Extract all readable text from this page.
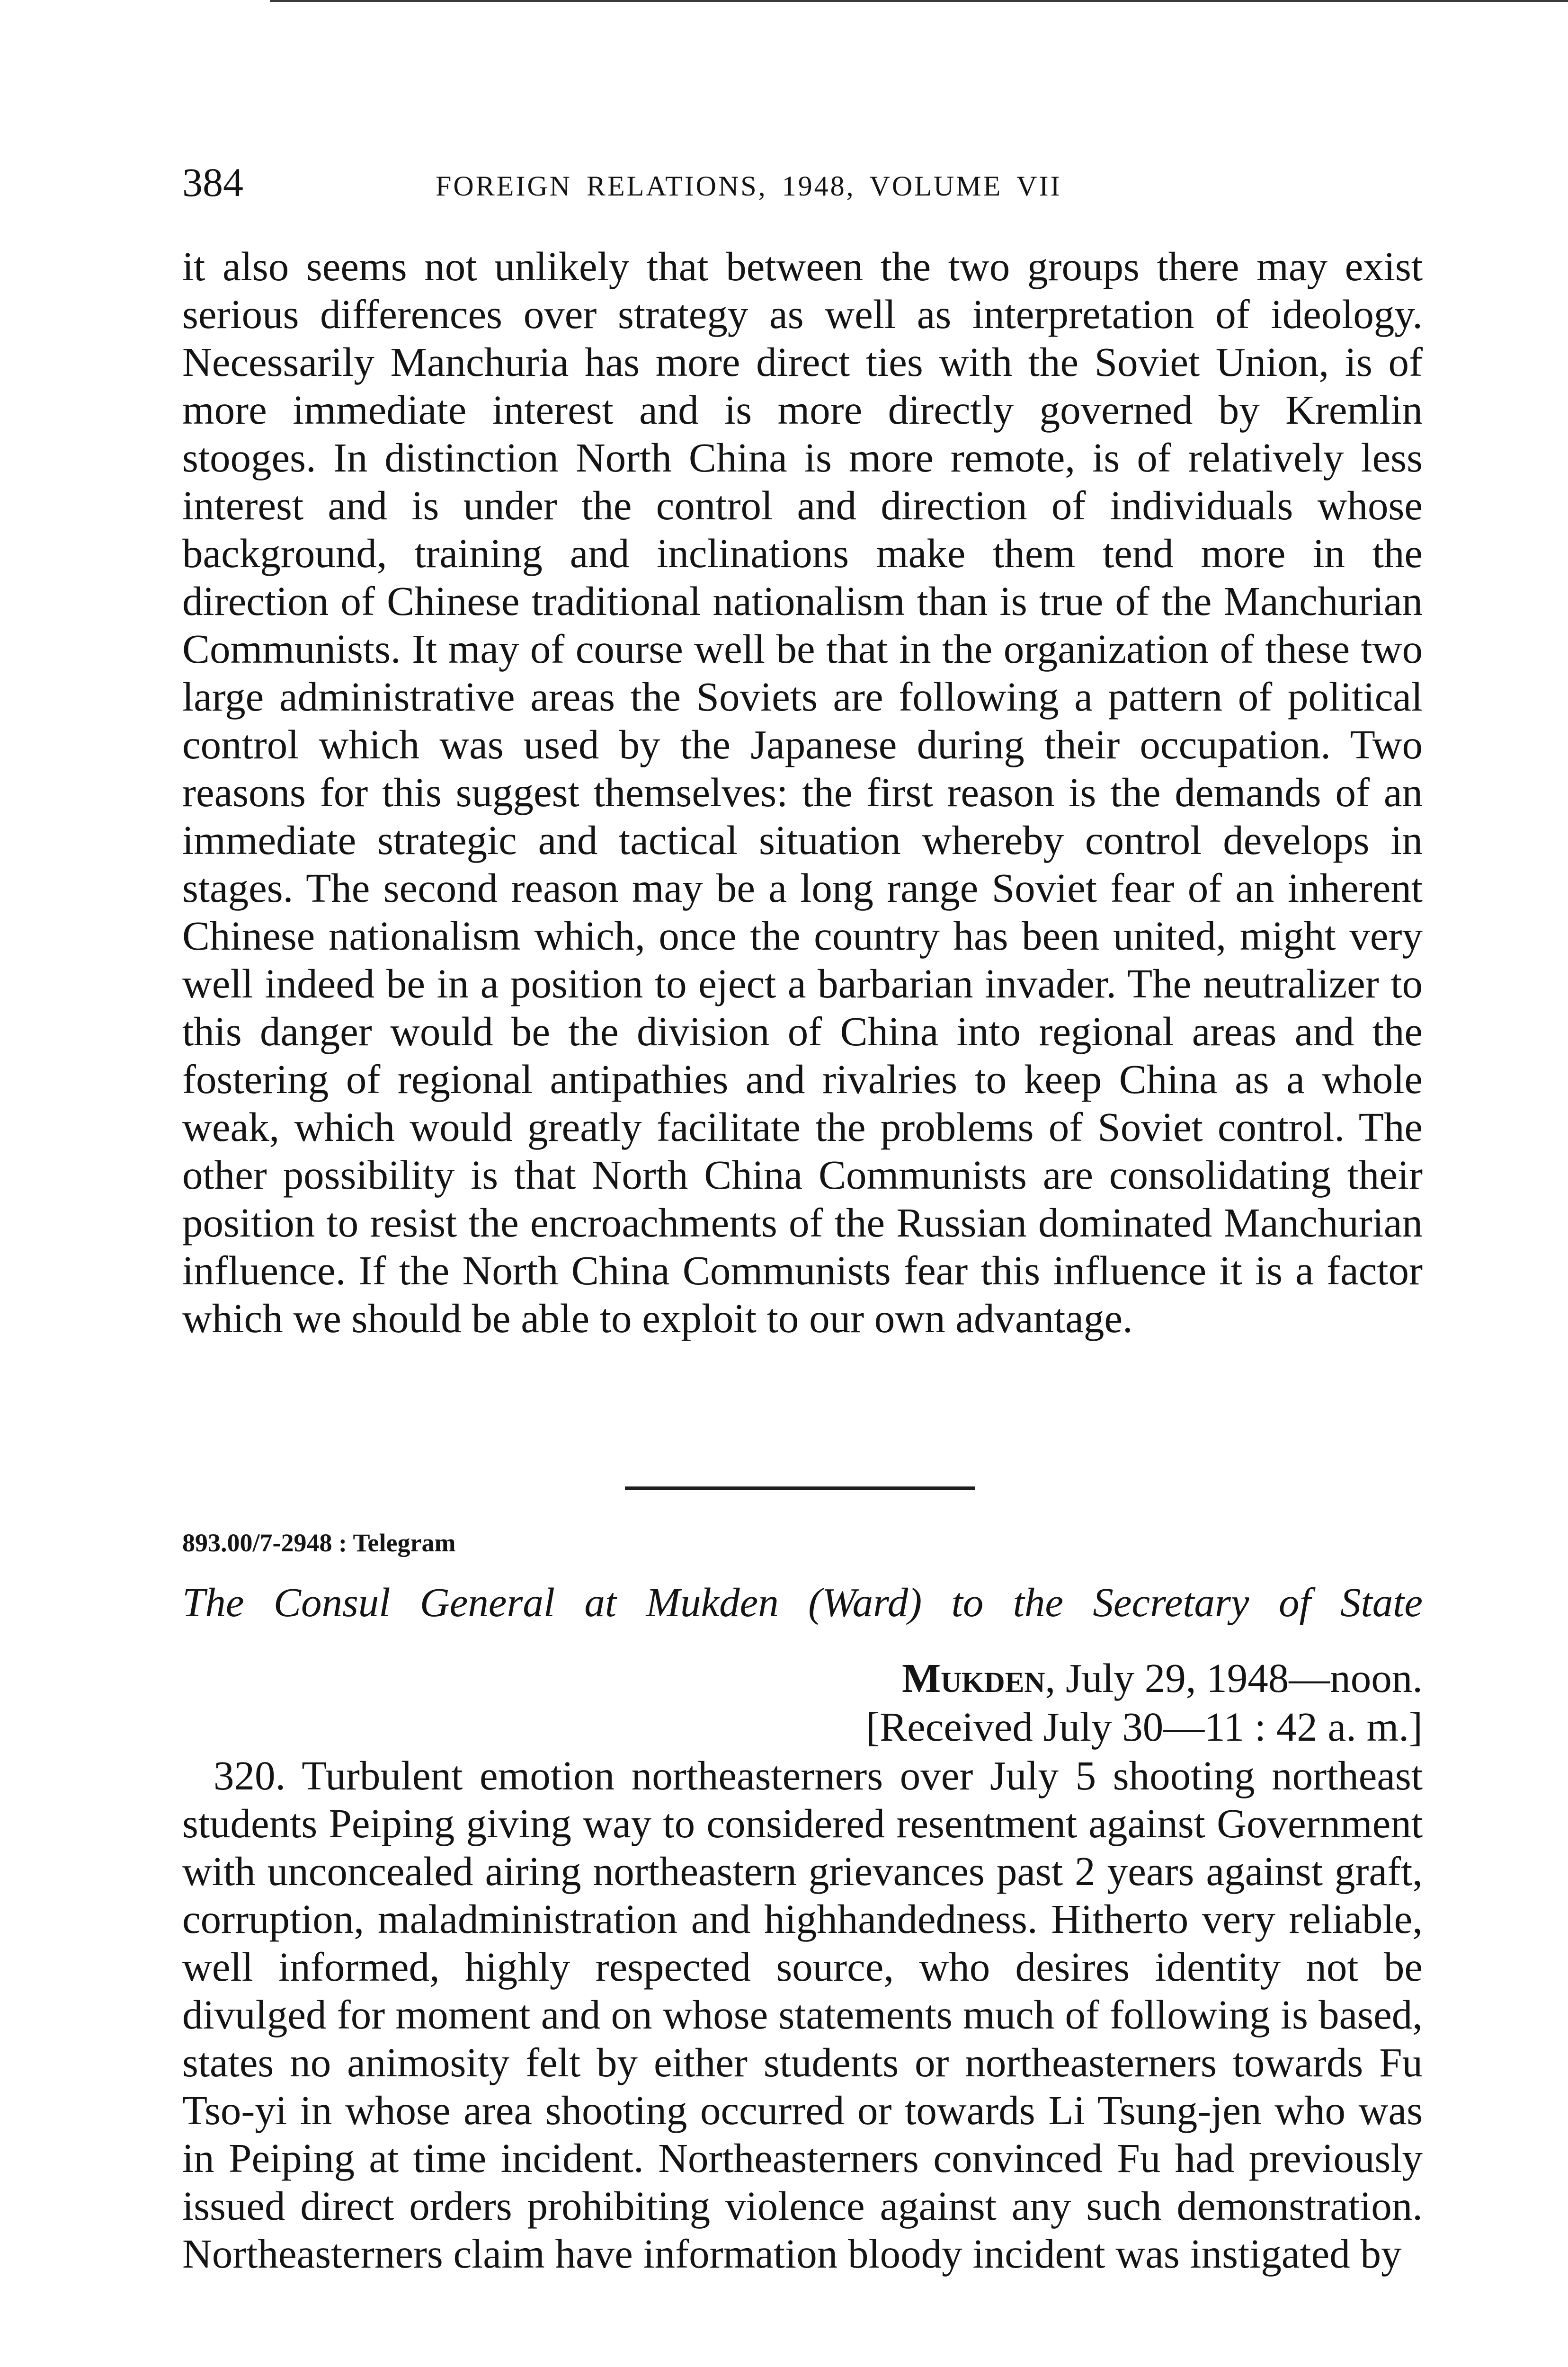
384	FOREIGN RELATIONS, 1948, VOLUME VII

it also seems not unlikely that between the two groups there may exist serious differences over strategy as well as interpretation of ideology. Necessarily Manchuria has more direct ties with the Soviet Union, is of more immediate interest and is more directly governed by Kremlin stooges. In distinction North China is more remote, is of relatively less interest and is under the control and direction of individuals whose background, training and inclinations make them tend more in the direction of Chinese traditional nationalism than is true of the Manchurian Communists. It may of course well be that in the organization of these two large administrative areas the Soviets are following a pattern of political control which was used by the Japanese during their occupation. Two reasons for this suggest themselves: the first reason is the demands of an immediate strategic and tactical situation whereby control develops in stages. The second reason may be a long range Soviet fear of an inherent Chinese nationalism which, once the country has been united, might very well indeed be in a position to eject a barbarian invader. The neutralizer to this danger would be the division of China into regional areas and the fostering of regional antipathies and rivalries to keep China as a whole weak, which would greatly facilitate the problems of Soviet control. The other possibility is that North China Communists are consolidating their position to resist the encroachments of the Russian dominated Manchurian influence. If the North China Communists fear this influence it is a factor which we should be able to exploit to our own advantage.

893.00/7-2948 : Telegram
The Consul General at Mukden (Ward) to the Secretary of State
Mukden, July 29, 1948—noon.
[Received July 30—11 : 42 a. m.]

320. Turbulent emotion northeasterners over July 5 shooting northeast students Peiping giving way to considered resentment against Government with unconcealed airing northeastern grievances past 2 years against graft, corruption, maladministration and highhandedness. Hitherto very reliable, well informed, highly respected source, who desires identity not be divulged for moment and on whose statements much of following is based, states no animosity felt by either students or northeasterners towards Fu Tso-yi in whose area shooting occurred or towards Li Tsung-jen who was in Peiping at time incident. Northeasterners convinced Fu had previously issued direct orders prohibiting violence against any such demonstration. Northeasterners claim have information bloody incident was instigated by
